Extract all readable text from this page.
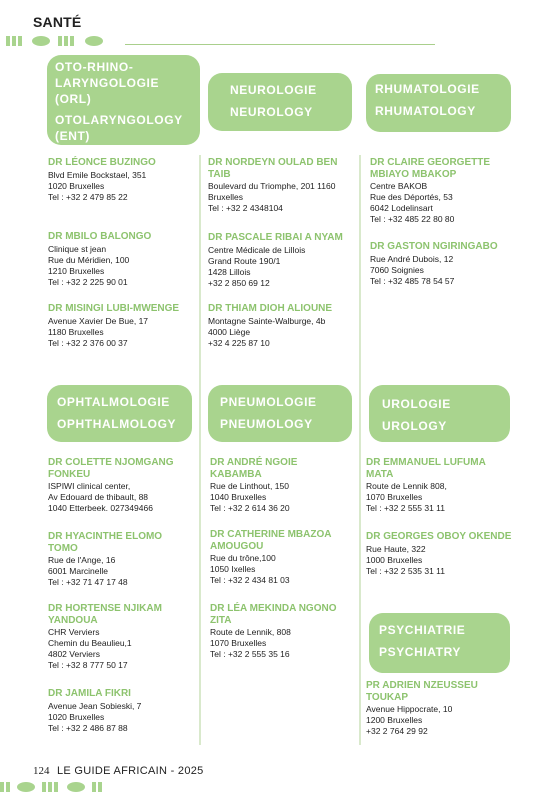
SANTÉ
OTO-RHINO-LARYNGOLOGIE (ORL)
OTOLARYNGOLOGY (ENT)
NEUROLOGIE
NEUROLOGY
RHUMATOLOGIE
RHUMATOLOGY
DR LÉONCE BUZINGO
Blvd Emile Bockstael, 351
1020 Bruxelles
Tel : +32 2 479 85 22
DR MBILO BALONGO
Clinique st jean
Rue du Méridien, 100
1210 Bruxelles
Tel : +32 2 225 90 01
DR MISINGI LUBI-MWENGE
Avenue Xavier De Bue, 17
1180 Bruxelles
Tel : +32 2 376 00 37
DR NORDEYN OULAD BEN
TAIB
Boulevard du Triomphe, 201 1160
Bruxelles
Tel : +32 2 4348104
DR PASCALE RIBAI A NYAM
Centre Médicale de Lillois
Grand Route 190/1
1428 Lillois
+32 2 850 69 12
DR THIAM DIOH ALIOUNE
Montagne Sainte-Walburge, 4b
4000 Liège
+32 4 225 87 10
DR CLAIRE GEORGETTE
MBIAYO MBAKOP
Centre BAKOB
Rue des Déportés, 53
6042 Lodelinsart
Tel : +32 485 22 80 80
DR GASTON NGIRINGABO
Rue André Dubois, 12
7060 Soignies
Tel : +32 485 78 54 57
OPHTALMOLOGIE
OPHTHALMOLOGY
PNEUMOLOGIE
PNEUMOLOGY
UROLOGIE
UROLOGY
DR COLETTE NJOMGANG
FONKEU
ISPIWI clinical center,
Av Edouard de thibault, 88
1040 Etterbeek. 027349466
DR HYACINTHE ELOMO
TOMO
Rue de l'Ange, 16
6001 Marcinelle
Tel : +32 71 47 17 48
DR HORTENSE NJIKAM
YANDOUA
CHR Verviers
Chemin du Beaulieu,1
4802 Verviers
Tel : +32 8 777 50 17
DR JAMILA FIKRI
Avenue Jean Sobieski, 7
1020 Bruxelles
Tel : +32 2 486 87 88
DR ANDRÉ NGOIE
KABAMBA
Rue de Linthout, 150
1040 Bruxelles
Tel : +32 2 614 36 20
DR CATHERINE MBAZOA
AMOUGOU
Rue du trône,100
1050 Ixelles
Tel : +32 2 434 81 03
DR LÉA MEKINDA NGONO
ZITA
Route de Lennik, 808
1070 Bruxelles
Tel : +32 2 555 35 16
DR EMMANUEL LUFUMA
MATA
Route de Lennik 808,
1070 Bruxelles
Tel : +32 2 555 31 11
DR GEORGES OBOY OKENDE
Rue Haute, 322
1000 Bruxelles
Tel : +32 2 535 31 11
PSYCHIATRIE
PSYCHIATRY
PR ADRIEN NZEUSSEU
TOUKAP
Avenue Hippocrate, 10
1200 Bruxelles
+32 2 764 29 92
124 LE GUIDE AFRICAIN - 2025
